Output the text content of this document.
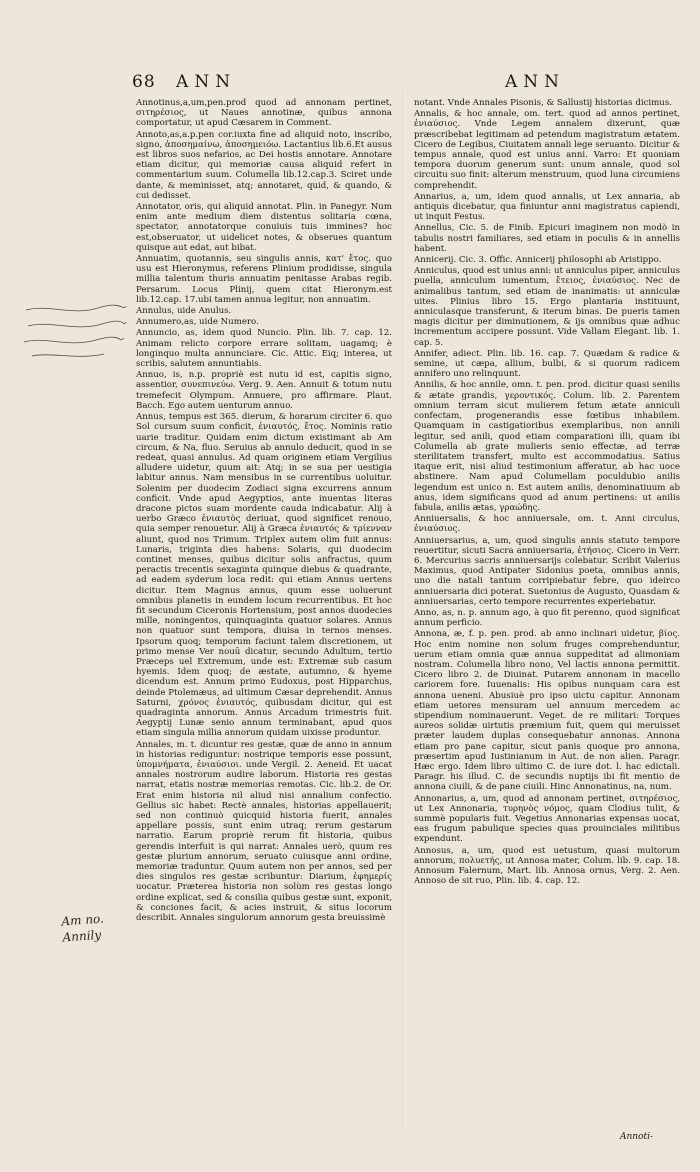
68 ANN	ANN
Am no.
Annily

Annotinus,a,um,pen.prod quod ad annonam pertinet, σιτηρέσιος, ut Naues annotinæ, quibus annona comportatur, ut apud Cæsarem in Comment.

Annoto,as,a.p.pen cor.iuxta fine ad aliquid noto, inscribo, signo, ἀποσημαίνω, ἀποσημειόω. Lactantius lib.6.Et ausus est libros suos nefarios, ac Dei hostis annotare. Annotare etiam dicitur, qui memoriæ causa aliquid refert in commentarium suum. Columella lib.12.cap.3. Sciret unde dante, & meminisset, atq; annotaret, quid, & quando, & cui dedisset.

Annotator, oris, qui aliquid annotat. Plin. in Panegyr. Num enim ante medium diem distentus solitaria cœna, spectator, annotatorque conuiuis tuis immines? hoc est,obseruator, ut uidelicet notes, & obserues quantum quisque aut edat, aut bibat.

Annuatim, quotannis, seu singulis annis, κατ' ἔτος. quo usu est Hieronymus, referens Plinium prodidisse, singula millia talentum thuris annuatim penitasse Arabas regib. Persarum. Locus Plinij, quem citat Hieronym.est lib.12.cap. 17.ubi tamen annua legitur, non annuatim.

Annulus, uide Anulus.

Annumero,as, uide Numero.

Annuncio, as, idem quod Nuncio. Plin. lib. 7. cap. 12. Animam relicto corpore errare solitam, uagamq; è longinquo multa annunciare. Cic. Attic. Eiq; interea, ut scribis, salutem annuntiabis.

Annuo, is, n.p. propriè est nutu id est, capitis signo, assentior, συνεπινεύω. Verg. 9. Aen. Annuit & totum nutu tremefecit Olympum. Annuere, pro affirmare. Plaut. Bacch. Ego autem uenturum annuo.

Annus, tempus est 365. dierum, & horarum circiter 6. quo Sol cursum suum conficit, ἐνιαυτός, ἔτος. Nominis ratio uarie traditur. Quidam enim dictum existimant ab Am circum, & Na, fluo. Seruius ab annulo deducit, quod in se redeat, quasi annulus. Ad quam originem etiam Vergilius alludere uidetur, quum ait: Atq; in se sua per uestigia labitur annus. Nam mensibus in se currentibus uoluitur. Solenim per duodecim Zodiaci signa excurrens annum conficit. Vnde apud Aegyptios, ante inuentas literas dracone pictos suam mordente cauda indicabatur. Alij à uerbo Græco ἐνιαυτὸς deriuat, quod significet renouo, quia semper renouetur. Alij à Græca ἐνιαυτός & τρίενναν aliunt, quod nos Trimum. Triplex autem olim fuit annus: Lunaris, triginta dies habens: Solaris, qui duodecim continet menses, quibus dicitur solis anfractus, quum peractis trecentis sexaginta quinque diebus & quadrante, ad eadem syderum loca redit: qui etiam Annus uertens dicitur. Item Magnus annus, quum esse uoluerunt omnibus planetis in eundem locum recurrentibus. Et hoc fit secundum Ciceronis Hortensium, post annos duodecies mille, noningentos, quinquaginta quatuor solares. Annus non quatuor sunt tempora, diuisa in ternos menses. Ipsorum quoq; temporum faciunt talem discretionem, ut primo mense Ver nouū dicatur, secundo Adultum, tertio Præceps uel Extremum, unde est: Extremæ sub casum hyemis. Idem quoq; de æstate, autumno, & hyeme dicendum est. Annum primo Eudoxus, post Hipparchus, deinde Ptolemæus, ad ultimum Cæsar deprehendit. Annus Saturni, χρόνος ἐνιαυτός, quibusdam dicitur, qui est quadraginta annorum. Annus Arcadum trimestris fuit. Aegyptij Lunæ senio annum terminabant, apud quos etiam singula millia annorum quidam uixisse produntur.

Annales, m. t. dicuntur res gestæ, quæ de anno in annum in historias rediguntur: nostrique temporis esse possunt, ὑπομνήματα, ἐνιαύσιοι. unde Vergil. 2. Aeneid. Et uacat annales nostrorum audire laborum. Historia res gestas narrat, etatis nostræ memorias remotas. Cic. lib.2. de Or. Erat enim historia nil aliud nisi annalium confectio. Gellius sic habet: Rectè annales, historias appellauerit; sed non continuò quicquid historia fuerit, annales appellare possis, sunt enim utraq; rerum gestarum narratio. Earum propriè rerum fit historia, quibus gerendis interfuit is qui narrat: Annales uerò, quum res gestæ plurium annorum, seruato cuiusque anni ordine, memoriæ traduntur. Quum autem non per annos, sed per dies singulos res gestæ scribuntur: Diarium, ἐφημερίς uocatur. Præterea historia non solùm res gestas longo ordine explicat, sed & consilia quibus gestæ sunt, exponit, & conciones facit, & acies instruit, & situs locorum describit. Annales singulorum annorum gesta breuissimè

notant. Vnde Annales Pisonis, & Sallustij historias dicimus.

Annalis, & hoc annale, om. tert. quod ad annos pertinet, ἐνιαύσιος. Vnde Legem annalem dixerunt, quæ præscribebat legitimam ad petendum magistratum ætatem. Cicero de Legibus, Ciuitatem annali lege seruanto. Dicitur & tempus annale, quod est unius anni. Varro: Et quoniam tempora duorum generum sunt: unum annale, quod sol circuitu suo finit: alterum menstruum, quod luna circumiens comprehendit.

Annarius, a, um, idem quod annalis, ut Lex annaria, ab antiquis dicebatur, qua finiuntur anni magistratus capiendi, ut inquit Festus.

Annellus, Cic. 5. de Finib. Epicuri imaginem non modò in tabulis nostri familiares, sed etiam in poculis & in annellis habent.

Annicerij. Cic. 3. Offic. Annicerij philosophi ab Aristippo.

Anniculus, quod est unius anni: ut anniculus piper, anniculus puella, anniculum iumentum, ἔτειος, ἐνιαύσιος. Nec de animalibus tantum, sed etiam de inanimatis: ut anniculæ uites. Plinius libro 15. Ergo plantaria instituunt, anniculasque transferunt, & iterum binas. De pueris tamen magis dicitur per diminutionem, & ijs omnibus quæ adhuc incrementum accipere possunt. Vide Vallam Elegant. lib. 1. cap. 5.

Annifer, adiect. Plin. lib. 16. cap. 7. Quædam & radice & semine, ut cæpa, allium, bulbi, & si quorum radicem annifero uno relinquunt.

Annilis, & hoc annile, omn. t. pen. prod. dicitur quasi senilis & ætate grandis, γεροντικός. Colum. lib. 2. Parentem omnium terram sicut mulierem fetum ætate anniculi confectam, progenerandis esse fœtibus inhabilem. Quamquam in castigatioribus exemplaribus, non annili legitur, sed anili, quod etiam comparationi illi, quam ibi Columella ab grate mulieris senio effectæ, ad terræ sterilitatem transfert, multo est accommodatius. Satius itaque erit, nisi aliud testimonium afferatur, ab hac uoce abstinere. Nam apud Columellam poculdubio anilis legendum est unico n. Est autem anilis, denominatiuum ab anus, idem significans quod ad anum pertinens: ut anilis fabula, anilis ætas, γραώδης.

Anniuersalis, & hoc anniuersale, om. t. Anni circulus, ἐνιαύσιος.

Anniuersarius, a, um, quod singulis annis statuto tempore reuertitur, sicuti Sacra anniuersaria, ἐτήσιος. Cicero in Verr. 6. Mercurius sacris anniuersarijs colebatur. Scribit Valerius Maximus, quod Antipater Sidonius poeta, omnibus annis, uno die natali tantum corripiebatur febre, quo ideirco anniuersaria dici poterat. Suetonius de Augusto, Quasdam & anniuersarias, certo tempore recurrentes experiebatur.

Anno, as, n. p. annum ago, à quo fit perenno, quod significat annum perficio.

Annona, æ, f. p. pen. prod. ab anno inclinari uidetur, βίος. Hoc enim nomine non solum fruges comprehenduntur, uerum etiam omnia quæ annua suppeditat ad alimoniam nostram. Columella libro nono, Vel lactis annona permittit. Cicero libro 2. de Diuinat. Putarem annonam in macello cariorem fore. Iuuenalis: His opibus nunquam cara est annona ueneni. Abusiuè pro ipso uictu capitur. Annonam etiam uetores mensuram uel annuum mercedem ac stipendium nominauerunt. Veget. de re militari: Torques aureos solidæ uirtutis præmium fuit, quem qui meruisset præter laudem duplas consequebatur annonas. Annona etiam pro pane capitur, sicut panis quoque pro annona, præsertim apud Iustinianum in Aut. de non alien. Paragr. Hæc ergo. Idem libro ultimo C. de iure dot. l. hac edictali. Paragr. his illud. C. de secundis nuptijs ibi fit mentio de annona ciuili, & de pane ciuili. Hinc Annonatinus, na, num.

Annonarius, a, um, quod ad annonam pertinet, σιτηρέσιος, ut Lex Annonaria, τυρηνὸς νόμος, quam Clodius tulit, & summè popularis fuit. Vegetius Annonarias expensas uocat, eas frugum pabulique species quas prouinciales militibus expendunt.

Annosus, a, um, quod est uetustum, quasi multorum annorum, πολυετής, ut Annosa mater, Colum. lib. 9. cap. 18. Annosum Falernum, Mart. lib. Annosa ornus, Verg. 2. Aen. Annoso de sit ruo, Plin. lib. 4. cap. 12.

Annoti-
